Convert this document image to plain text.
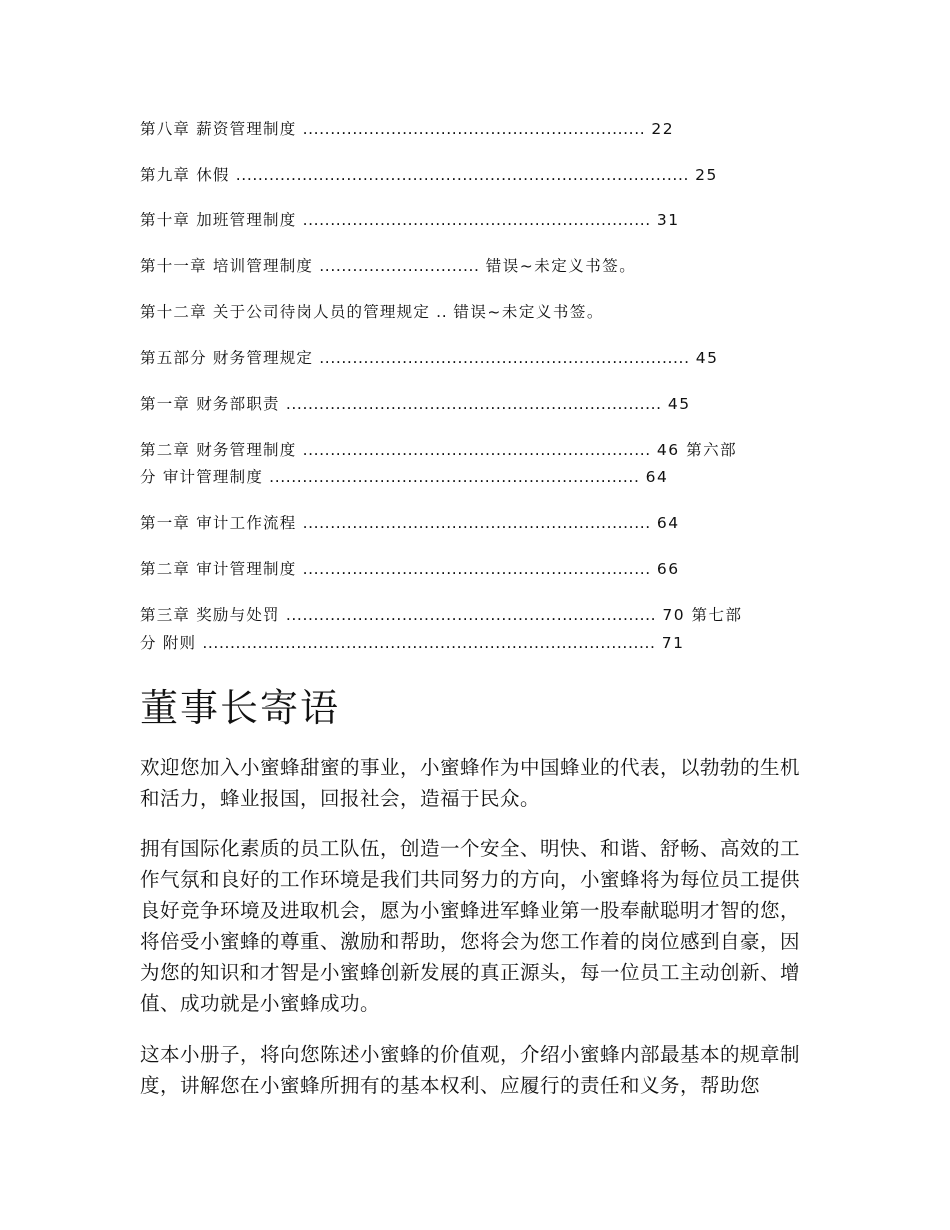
第八章 薪资管理制度 .............................................................. 22
第九章 休假 .................................................................................. 25
第十章 加班管理制度 ............................................................... 31
第十一章 培训管理制度 ............................. 错误~未定义书签。
第十二章 关于公司待岗人员的管理规定 .. 错误~未定义书签。
第五部分 财务管理规定 ................................................................... 45
第一章 财务部职责 .................................................................... 45
第二章 财务管理制度 ............................................................... 46 第六部
分 审计管理制度 ................................................................... 64
第一章 审计工作流程 ............................................................... 64
第二章 审计管理制度 ............................................................... 66
第三章 奖励与处罚 ................................................................... 70 第七部
分 附则 .................................................................................. 71
董事长寄语

欢迎您加入小蜜蜂甜蜜的事业，小蜜蜂作为中国蜂业的代表，以勃勃的生机和活力，蜂业报国，回报社会，造福于民众。

拥有国际化素质的员工队伍，创造一个安全、明快、和谐、舒畅、高效的工作气氛和良好的工作环境是我们共同努力的方向，小蜜蜂将为每位员工提供良好竞争环境及进取机会，愿为小蜜蜂进军蜂业第一股奉献聪明才智的您，将倍受小蜜蜂的尊重、激励和帮助，您将会为您工作着的岗位感到自豪，因为您的知识和才智是小蜜蜂创新发展的真正源头，每一位员工主动创新、增值、成功就是小蜜蜂成功。

这本小册子，将向您陈述小蜜蜂的价值观，介绍小蜜蜂内部最基本的规章制度，讲解您在小蜜蜂所拥有的基本权利、应履行的责任和义务，帮助您
